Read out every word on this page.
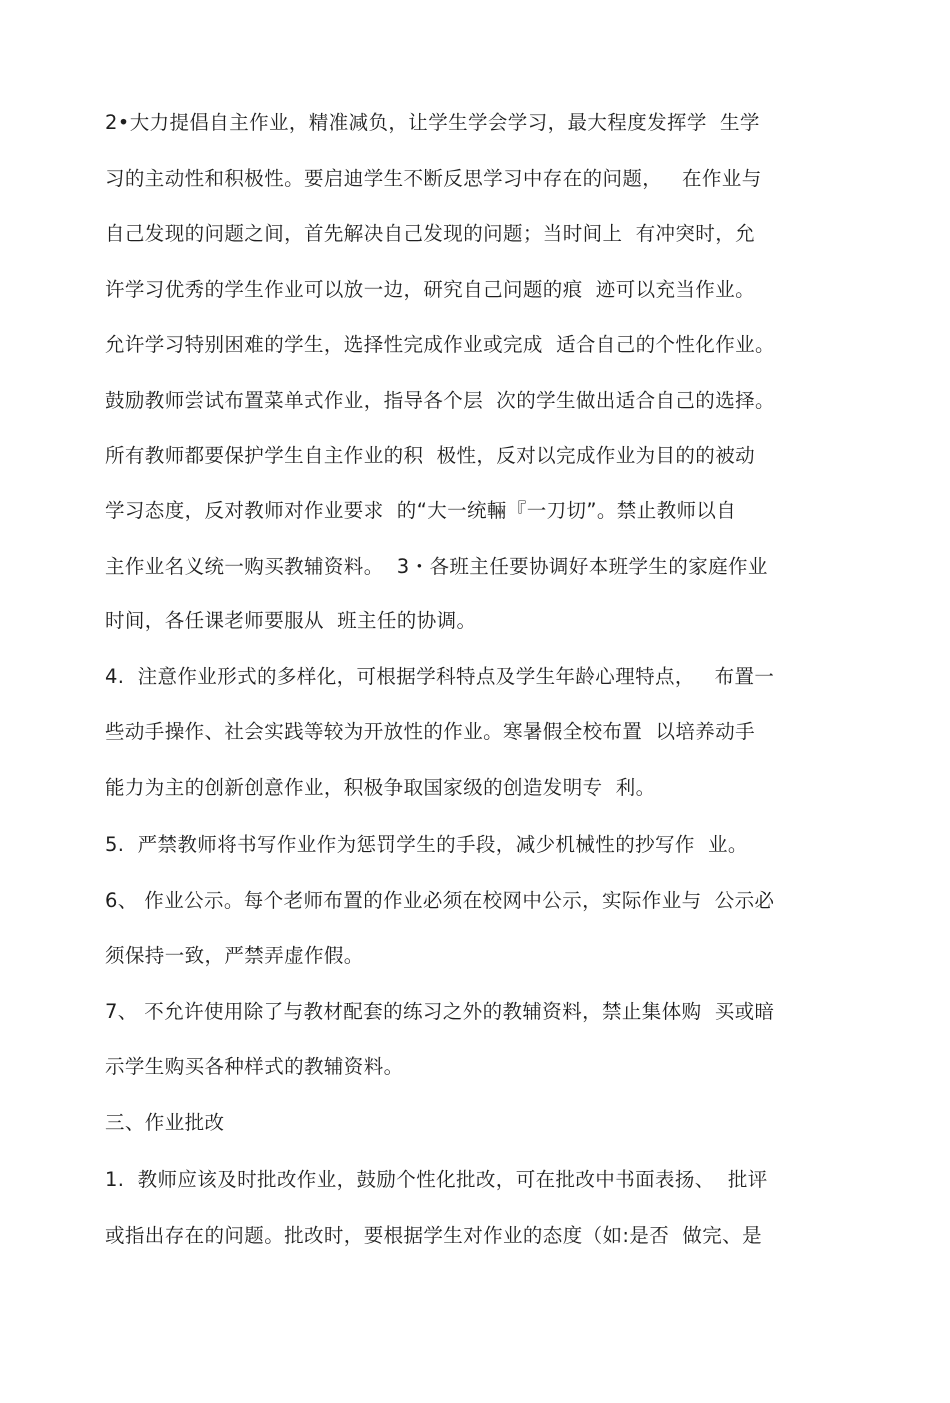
2•大力提倡自主作业，精准减负，让学生学会学习，最大程度发挥学  生学

习的主动性和积极性。要启迪学生不断反思学习中存在的问题，   在作业与

自己发现的问题之间，首先解决自己发现的问题；当时间上  有冲突时，允

许学习优秀的学生作业可以放一边，研究自己问题的痕  迹可以充当作业。

允许学习特别困难的学生，选择性完成作业或完成  适合自己的个性化作业。

鼓励教师尝试布置菜单式作业，指导各个层  次的学生做出适合自己的选择。

所有教师都要保护学生自主作业的积  极性，反对以完成作业为目的的被动

学习态度，反对教师对作业要求  的“大一统輛『一刀切”。禁止教师以自

主作业名义统一购买教辅资料。  3・各班主任要协调好本班学生的家庭作业

时间，各任课老师要服从  班主任的协调。

4.  注意作业形式的多样化，可根据学科特点及学生年龄心理特点，   布置一

些动手操作、社会实践等较为开放性的作业。寒暑假全校布置  以培养动手

能力为主的创新创意作业，积极争取国家级的创造发明专  利。

5.  严禁教师将书写作业作为惩罚学生的手段，减少机械性的抄写作  业。

6、 作业公示。每个老师布置的作业必须在校网中公示，实际作业与  公示必

须保持一致，严禁弄虚作假。

7、 不允许使用除了与教材配套的练习之外的教辅资料，禁止集体购  买或暗

示学生购买各种样式的教辅资料。

三、作业批改

1.  教师应该及时批改作业，鼓励个性化批改，可在批改中书面表扬、  批评

或指出存在的问题。批改时，要根据学生对作业的态度（如:是否  做完、是
